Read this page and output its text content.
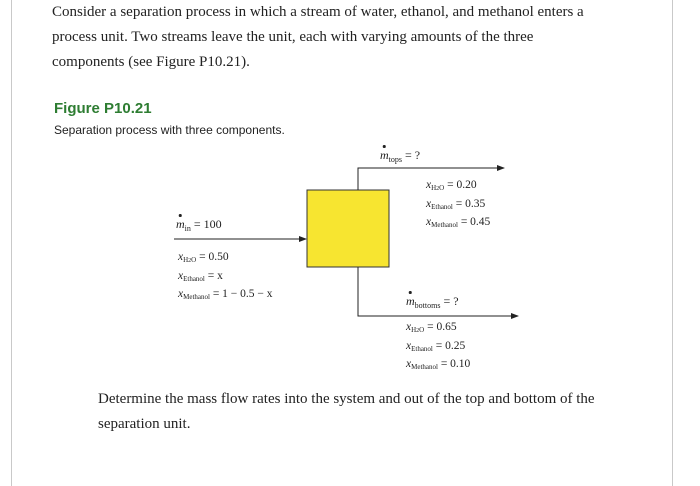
Consider a separation process in which a stream of water, ethanol, and methanol enters a
process unit. Two streams leave the unit, each with varying amounts of the three
components (see Figure P10.21).
Figure P10.21
Separation process with three components.
$m_{in} = 100$
xH2O = 0.50
xEthanol = x
xMethanol = 1 − 0.5 − x
$m_{tops}$ = ?
xH2O = 0.20
xEthanol = 0.35
xMethanol = 0.45
$m_{bottoms}$ = ?
xH2O = 0.65
xEthanol = 0.25
xMethanol = 0.10
Determine the mass flow rates into the system and out of the top and bottom of the
separation unit.
